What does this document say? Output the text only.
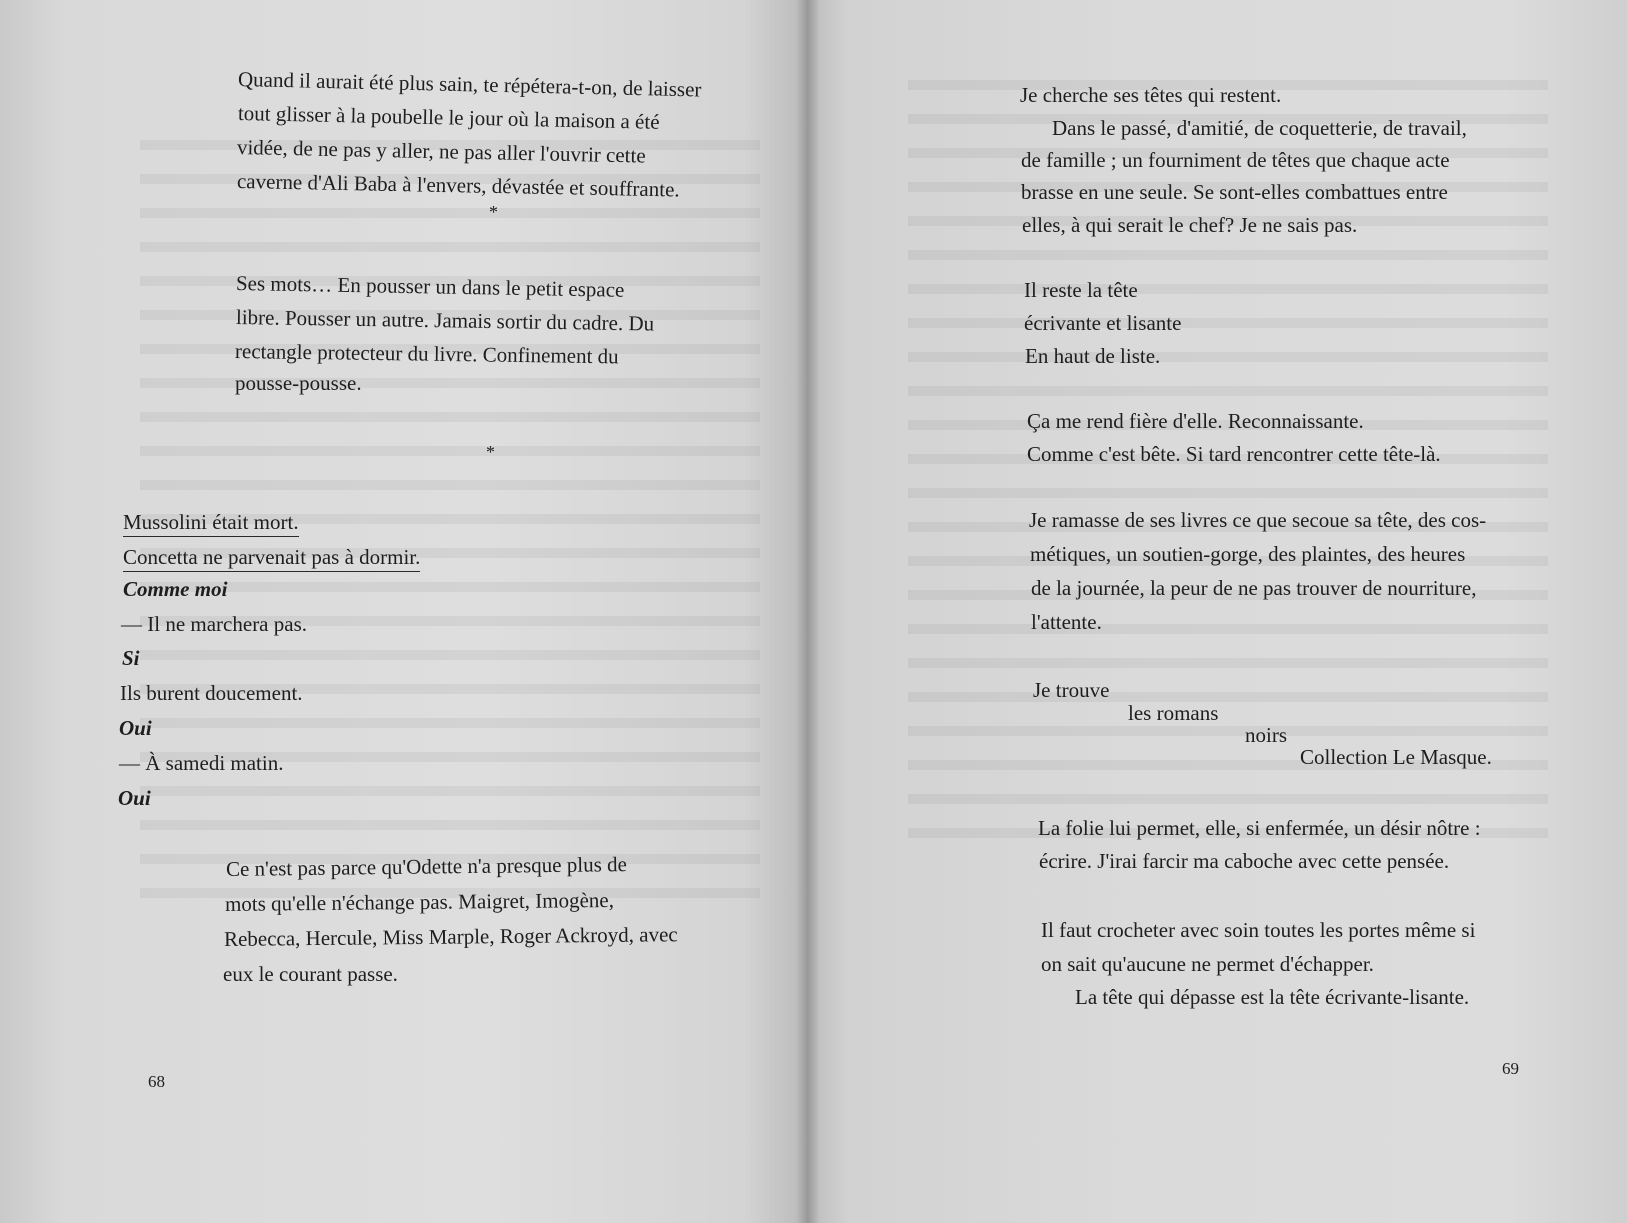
Quand il aurait été plus sain, te répétera-t-on, de laisser

tout glisser à la poubelle le jour où la maison a été

vidée, de ne pas y aller, ne pas aller l'ouvrir cette

caverne d'Ali Baba à l'envers, dévastée et souffrante.

*

Ses mots… En pousser un dans le petit espace

libre. Pousser un autre. Jamais sortir du cadre. Du

rectangle protecteur du livre. Confinement du

pousse-pousse.

*

Mussolini était mort.

Concetta ne parvenait pas à dormir.

Comme moi

— Il ne marchera pas.

Si

Ils burent doucement.

Oui

— À samedi matin.

Oui

Ce n'est pas parce qu'Odette n'a presque plus de

mots qu'elle n'échange pas. Maigret, Imogène,

Rebecca, Hercule, Miss Marple, Roger Ackroyd, avec

eux le courant passe.

68

Je cherche ses têtes qui restent.

Dans le passé, d'amitié, de coquetterie, de travail,

de famille ; un fourniment de têtes que chaque acte

brasse en une seule. Se sont-elles combattues entre

elles, à qui serait le chef? Je ne sais pas.

Il reste la tête

écrivante et lisante

En haut de liste.

Ça me rend fière d'elle. Reconnaissante.

Comme c'est bête. Si tard rencontrer cette tête-là.

Je ramasse de ses livres ce que secoue sa tête, des cos-

métiques, un soutien-gorge, des plaintes, des heures

de la journée, la peur de ne pas trouver de nourriture,

l'attente.

Je trouve

les romans

noirs

Collection Le Masque.

La folie lui permet, elle, si enfermée, un désir nôtre :

écrire. J'irai farcir ma caboche avec cette pensée.

Il faut crocheter avec soin toutes les portes même si

on sait qu'aucune ne permet d'échapper.

La tête qui dépasse est la tête écrivante-lisante.

69
